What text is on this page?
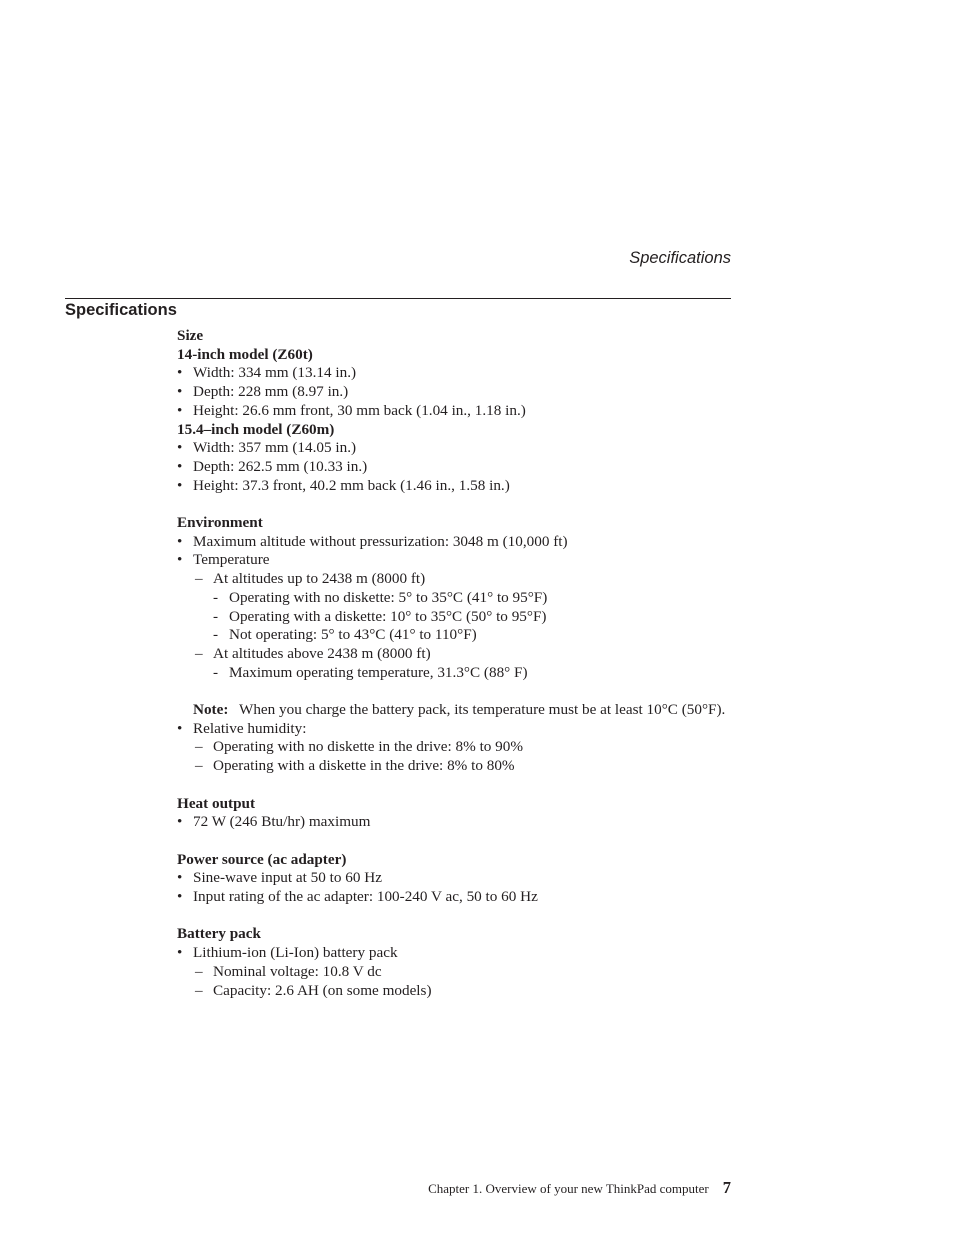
Specifications
Specifications

Size

14-inch model (Z60t)

• Width: 334 mm (13.14 in.)
• Depth: 228 mm (8.97 in.)
• Height: 26.6 mm front, 30 mm back (1.04 in., 1.18 in.)

15.4–inch model (Z60m)

• Width: 357 mm (14.05 in.)
• Depth: 262.5 mm (10.33 in.)
• Height: 37.3 front, 40.2 mm back (1.46 in., 1.58 in.)

Environment

• Maximum altitude without pressurization: 3048 m (10,000 ft)
• Temperature
– At altitudes up to 2438 m (8000 ft)
- Operating with no diskette: 5° to 35°C (41° to 95°F)
- Operating with a diskette: 10° to 35°C (50° to 95°F)
- Not operating: 5° to 43°C (41° to 110°F)
– At altitudes above 2438 m (8000 ft)
- Maximum operating temperature, 31.3°C (88° F)
Note: When you charge the battery pack, its temperature must be at least 10°C (50°F).
• Relative humidity:
– Operating with no diskette in the drive: 8% to 90%
– Operating with a diskette in the drive: 8% to 80%

Heat output

• 72 W (246 Btu/hr) maximum

Power source (ac adapter)

• Sine-wave input at 50 to 60 Hz
• Input rating of the ac adapter: 100-240 V ac, 50 to 60 Hz

Battery pack

• Lithium-ion (Li-Ion) battery pack
– Nominal voltage: 10.8 V dc
– Capacity: 2.6 AH (on some models)
Chapter 1. Overview of your new ThinkPad computer 7
